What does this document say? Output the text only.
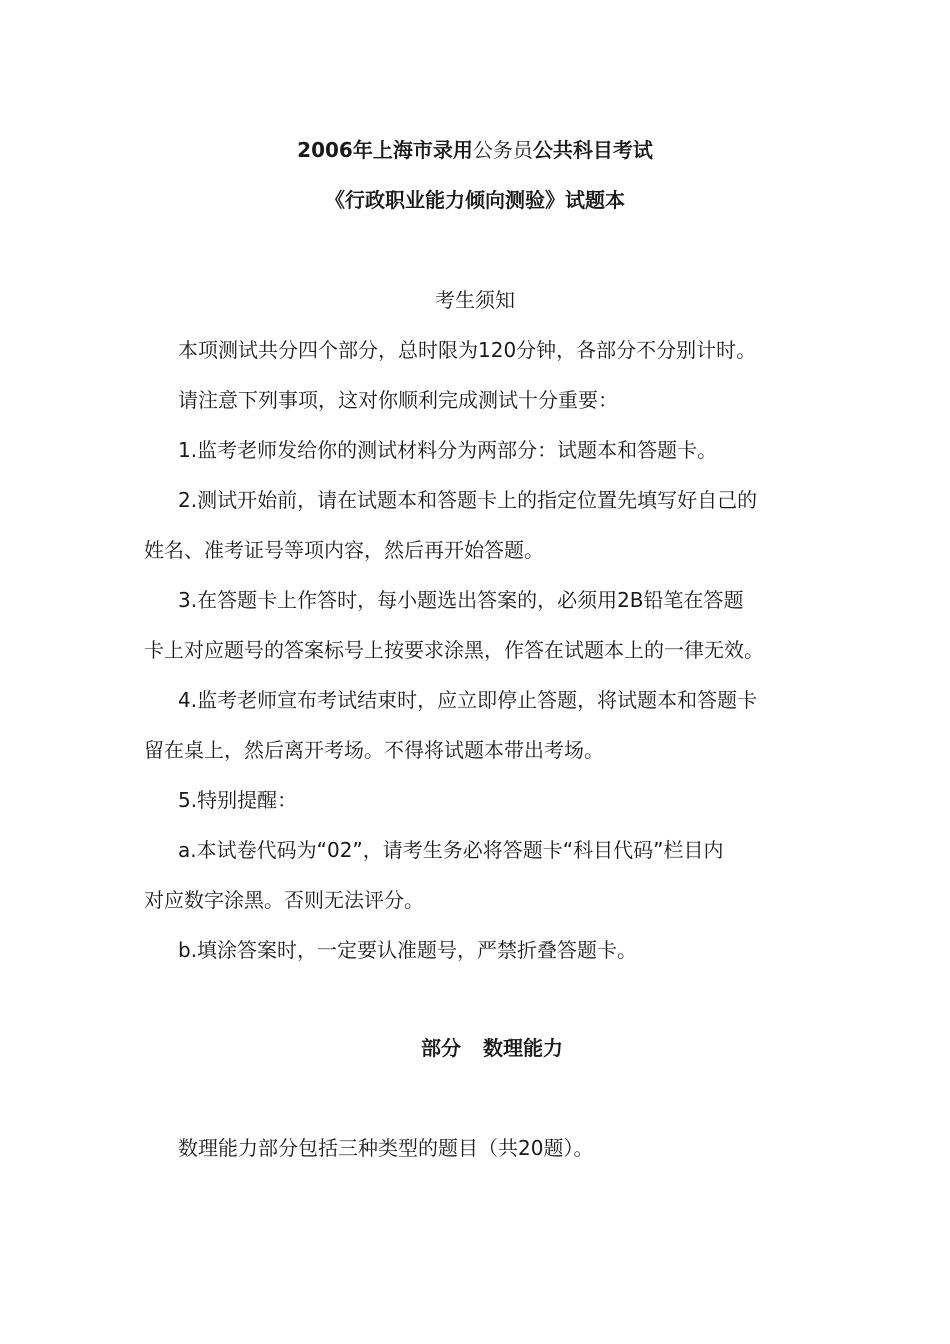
2006年上海市录用公务员公共科目考试
《行政职业能力倾向测验》试题本
考生须知
本项测试共分四个部分，总时限为120分钟，各部分不分别计时。
请注意下列事项，这对你顺利完成测试十分重要：
1.监考老师发给你的测试材料分为两部分：试题本和答题卡。
2.测试开始前，请在试题本和答题卡上的指定位置先填写好自己的
姓名、准考证号等项内容，然后再开始答题。
3.在答题卡上作答时，每小题选出答案的，必须用2B铅笔在答题
卡上对应题号的答案标号上按要求涂黑，作答在试题本上的一律无效。
4.监考老师宣布考试结束时，应立即停止答题，将试题本和答题卡
留在桌上，然后离开考场。不得将试题本带出考场。
5.特别提醒：
a.本试卷代码为“02”，请考生务必将答题卡“科目代码”栏目内
对应数字涂黑。否则无法评分。
b.填涂答案时，一定要认准题号，严禁折叠答题卡。
部分 数理能力
数理能力部分包括三种类型的题目（共20题）。
